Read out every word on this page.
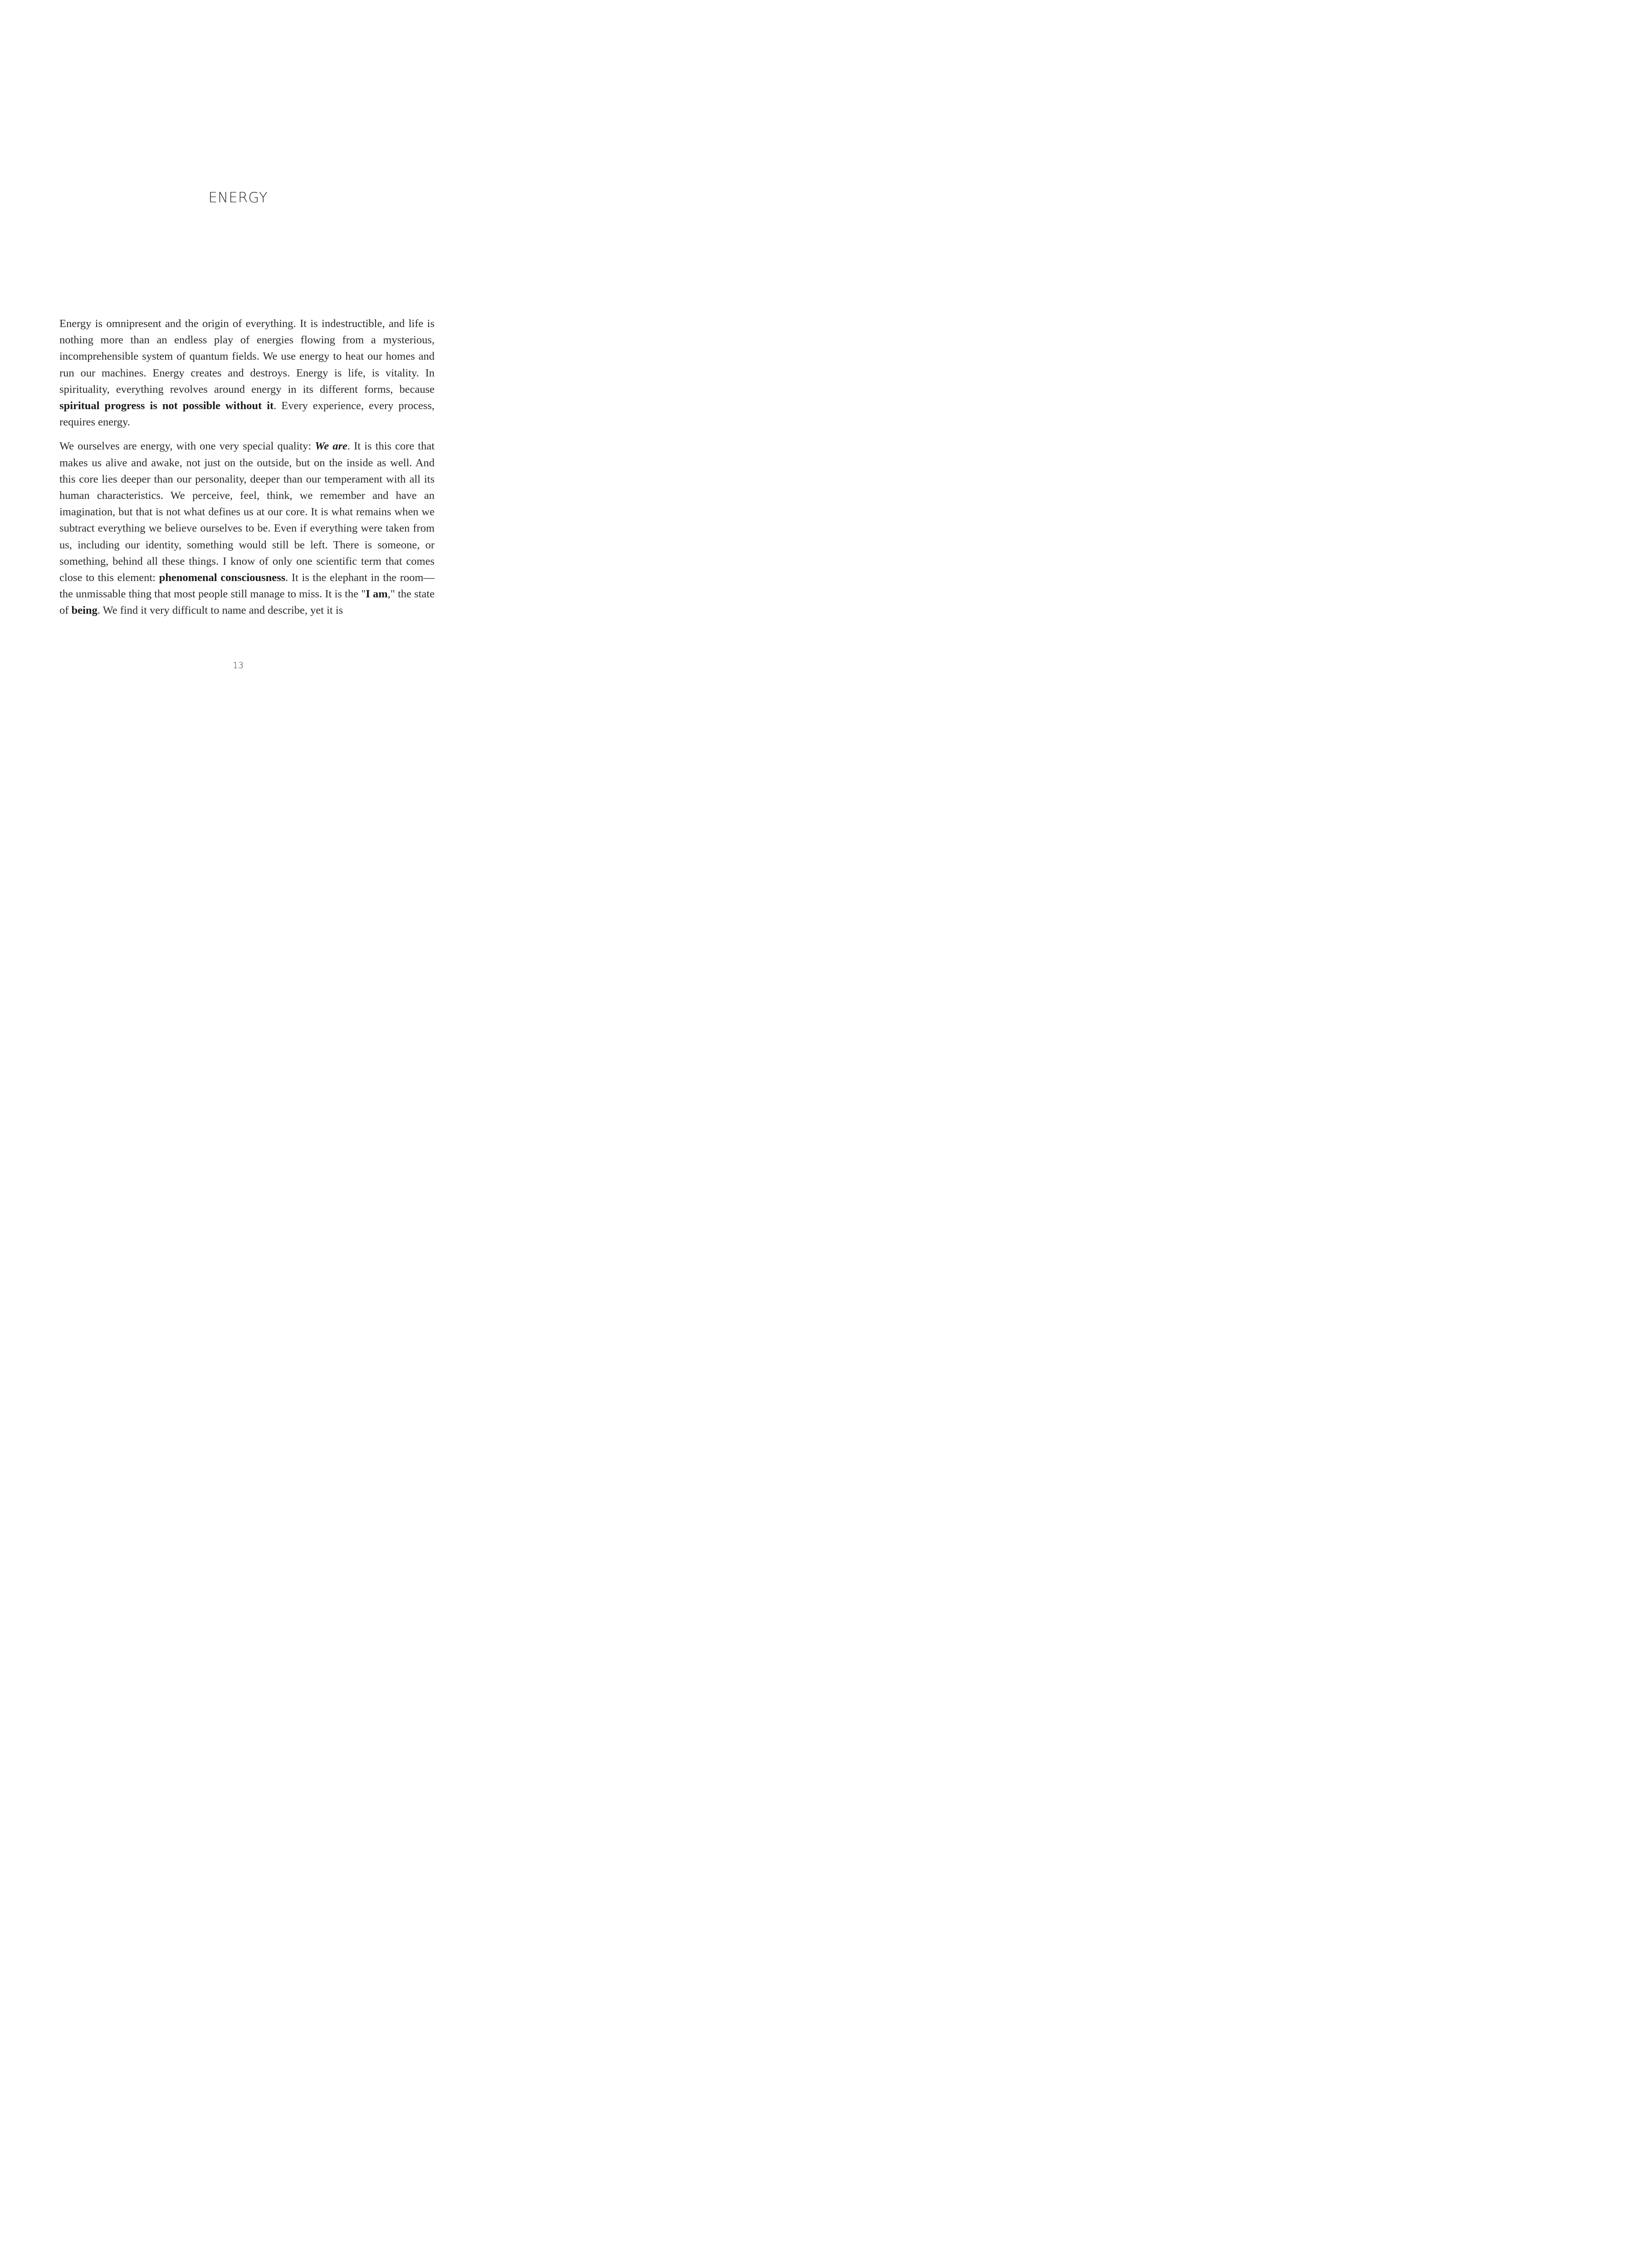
ENERGY

Energy is omnipresent and the origin of everything. It is indestructible, and life is nothing more than an endless play of energies flowing from a mysterious, incomprehensible system of quantum fields. We use energy to heat our homes and run our machines. Energy creates and destroys. Energy is life, is vitality. In spirituality, everything revolves around energy in its different forms, because spiritual progress is not possible without it. Every experience, every process, requires energy.

We ourselves are energy, with one very special quality: We are. It is this core that makes us alive and awake, not just on the outside, but on the inside as well. And this core lies deeper than our personality, deeper than our temperament with all its human characteristics. We perceive, feel, think, we remember and have an imagination, but that is not what defines us at our core. It is what remains when we subtract everything we believe ourselves to be. Even if everything were taken from us, including our identity, something would still be left. There is someone, or something, behind all these things. I know of only one scientific term that comes close to this element: phenomenal consciousness. It is the elephant in the room—the unmissable thing that most people still manage to miss. It is the "I am," the state of being. We find it very difficult to name and describe, yet it is

13
